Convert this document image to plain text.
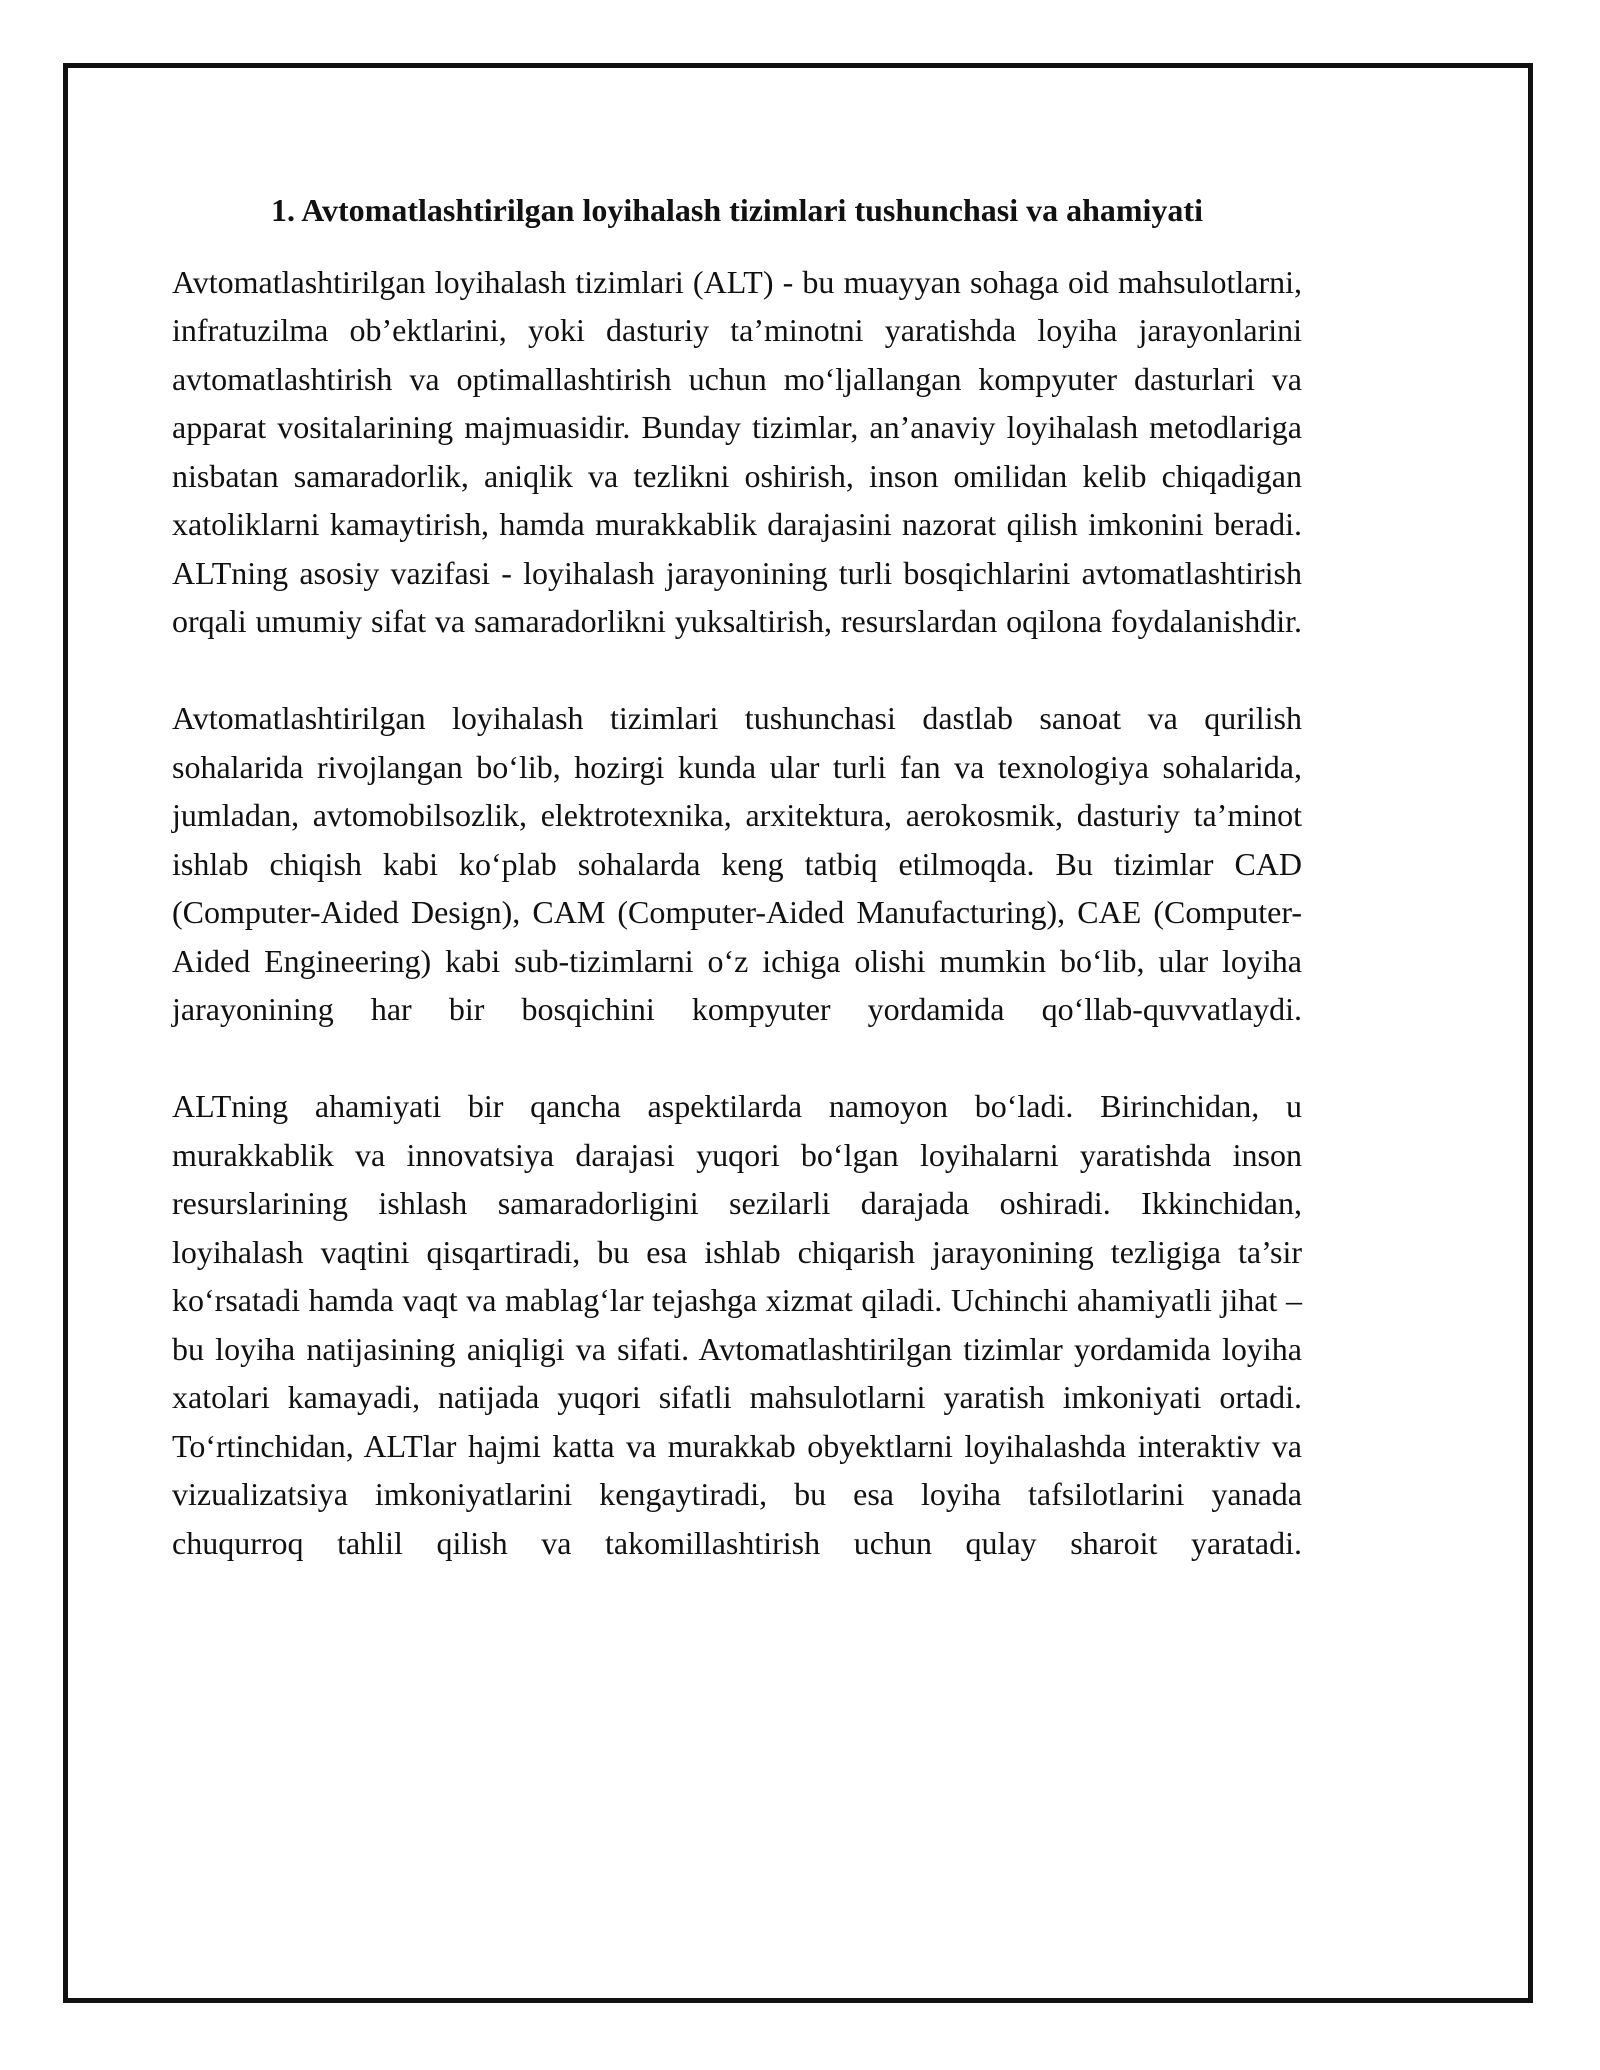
1. Avtomatlashtirilgan loyihalash tizimlari tushunchasi va ahamiyati

Avtomatlashtirilgan loyihalash tizimlari (ALT) - bu muayyan sohaga oid mahsulotlarni, infratuzilma ob’ektlarini, yoki dasturiy ta’minotni yaratishda loyiha jarayonlarini avtomatlashtirish va optimallashtirish uchun mo‘ljallangan kompyuter dasturlari va apparat vositalarining majmuasidir. Bunday tizimlar, an’anaviy loyihalash metodlariga nisbatan samaradorlik, aniqlik va tezlikni oshirish, inson omilidan kelib chiqadigan xatoliklarni kamaytirish, hamda murakkablik darajasini nazorat qilish imkonini beradi. ALTning asosiy vazifasi - loyihalash jarayonining turli bosqichlarini avtomatlashtirish orqali umumiy sifat va samaradorlikni yuksaltirish, resurslardan oqilona foydalanishdir.

Avtomatlashtirilgan loyihalash tizimlari tushunchasi dastlab sanoat va qurilish sohalarida rivojlangan bo‘lib, hozirgi kunda ular turli fan va texnologiya sohalarida, jumladan, avtomobilsozlik, elektrotexnika, arxitektura, aerokosmik, dasturiy ta’minot ishlab chiqish kabi ko‘plab sohalarda keng tatbiq etilmoqda. Bu tizimlar CAD (Computer-Aided Design), CAM (Computer-Aided Manufacturing), CAE (Computer-Aided Engineering) kabi sub-tizimlarni o‘z ichiga olishi mumkin bo‘lib, ular loyiha jarayonining har bir bosqichini kompyuter yordamida qo‘llab-quvvatlaydi.

ALTning ahamiyati bir qancha aspektilarda namoyon bo‘ladi. Birinchidan, u murakkablik va innovatsiya darajasi yuqori bo‘lgan loyihalarni yaratishda inson resurslarining ishlash samaradorligini sezilarli darajada oshiradi. Ikkinchidan, loyihalash vaqtini qisqartiradi, bu esa ishlab chiqarish jarayonining tezligiga ta’sir ko‘rsatadi hamda vaqt va mablag‘lar tejashga xizmat qiladi. Uchinchi ahamiyatli jihat – bu loyiha natijasining aniqligi va sifati. Avtomatlashtirilgan tizimlar yordamida loyiha xatolari kamayadi, natijada yuqori sifatli mahsulotlarni yaratish imkoniyati ortadi. To‘rtinchidan, ALTlar hajmi katta va murakkab obyektlarni loyihalashda interaktiv va vizualizatsiya imkoniyatlarini kengaytiradi, bu esa loyiha tafsilotlarini yanada chuqurroq tahlil qilish va takomillashtirish uchun qulay sharoit yaratadi.
